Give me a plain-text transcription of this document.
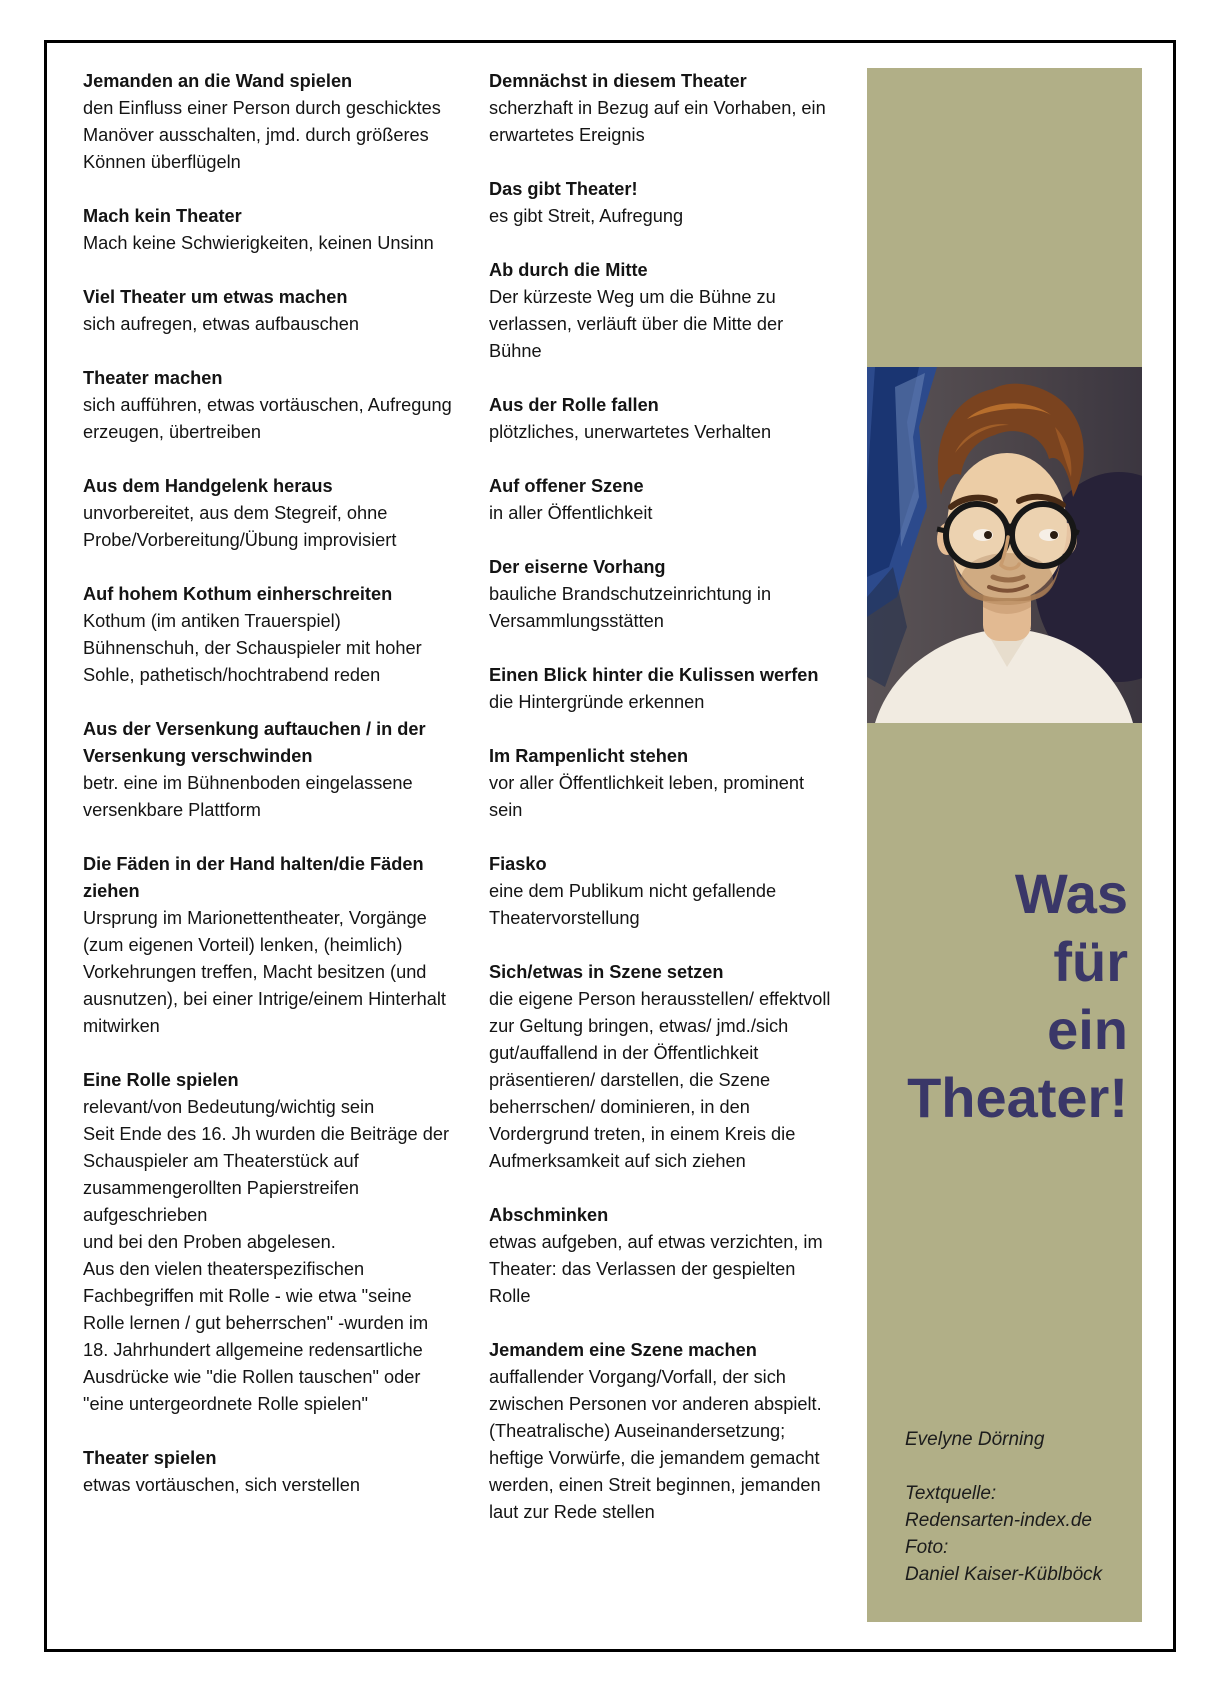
Jemanden an die Wand spielen

den Einfluss einer Person durch geschicktes Manöver ausschalten, jmd. durch größeres Können überflügeln

Mach kein Theater

Mach keine Schwierigkeiten, keinen Unsinn

Viel Theater um etwas machen

sich aufregen, etwas aufbauschen

Theater machen

sich aufführen, etwas vortäuschen, Aufregung erzeugen, übertreiben

Aus dem Handgelenk heraus

unvorbereitet, aus dem Stegreif, ohne Probe/Vorbereitung/Übung improvisiert

Auf hohem Kothum einherschreiten

Kothum (im antiken Trauerspiel) Bühnenschuh, der Schauspieler mit hoher Sohle, pathetisch/hochtrabend reden

Aus der Versenkung auftauchen / in der Versenkung verschwinden

betr. eine im Bühnenboden eingelassene versenkbare Plattform

Die Fäden in der Hand halten/die Fäden ziehen

Ursprung im Marionettentheater, Vorgänge (zum eigenen Vorteil) lenken, (heimlich) Vorkehrungen treffen, Macht besitzen (und ausnutzen), bei einer Intrige/einem Hinterhalt mitwirken

Eine Rolle spielen

relevant/von Bedeutung/wichtig sein
Seit Ende des 16. Jh wurden die Beiträge der Schauspieler am Theaterstück auf zusammengerollten Papierstreifen aufgeschrieben
und bei den Proben abgelesen.
Aus den vielen theaterspezifischen Fachbegriffen mit Rolle - wie etwa "seine Rolle lernen / gut beherrschen" -wurden im 18. Jahrhundert allgemeine redensartliche Ausdrücke wie "die Rollen tauschen" oder "eine untergeordnete Rolle spielen"

Theater spielen

etwas vortäuschen, sich verstellen

Demnächst in diesem Theater

scherzhaft in Bezug auf ein Vorhaben, ein erwartetes Ereignis

Das gibt Theater!

es gibt Streit, Aufregung

Ab durch die Mitte

Der kürzeste Weg um die Bühne zu verlassen, verläuft über die Mitte der Bühne

Aus der Rolle fallen

plötzliches, unerwartetes Verhalten

Auf offener Szene

in aller Öffentlichkeit

Der eiserne Vorhang

bauliche Brandschutzeinrichtung in Versammlungsstätten

Einen Blick hinter die Kulissen werfen

die Hintergründe erkennen

Im Rampenlicht stehen

vor aller Öffentlichkeit leben, prominent sein

Fiasko

eine dem Publikum nicht gefallende Theatervorstellung

Sich/etwas in Szene setzen

die eigene Person herausstellen/ effektvoll zur Geltung bringen, etwas/ jmd./sich gut/auffallend in der Öffentlichkeit präsentieren/ darstellen, die Szene beherrschen/ dominieren, in den Vordergrund treten, in einem Kreis die Aufmerksamkeit auf sich ziehen

Abschminken

etwas aufgeben, auf etwas verzichten, im Theater: das Verlassen der gespielten Rolle

Jemandem eine Szene machen

auffallender Vorgang/Vorfall, der sich zwischen Personen vor anderen abspielt. (Theatralische) Auseinandersetzung; heftige Vorwürfe, die jemandem gemacht werden, einen Streit beginnen, jemanden laut zur Rede stellen

Was
für
ein
Theater!
Evelyne Dörning
Textquelle:
Redensarten-index.de
Foto:
Daniel Kaiser-Küblböck
